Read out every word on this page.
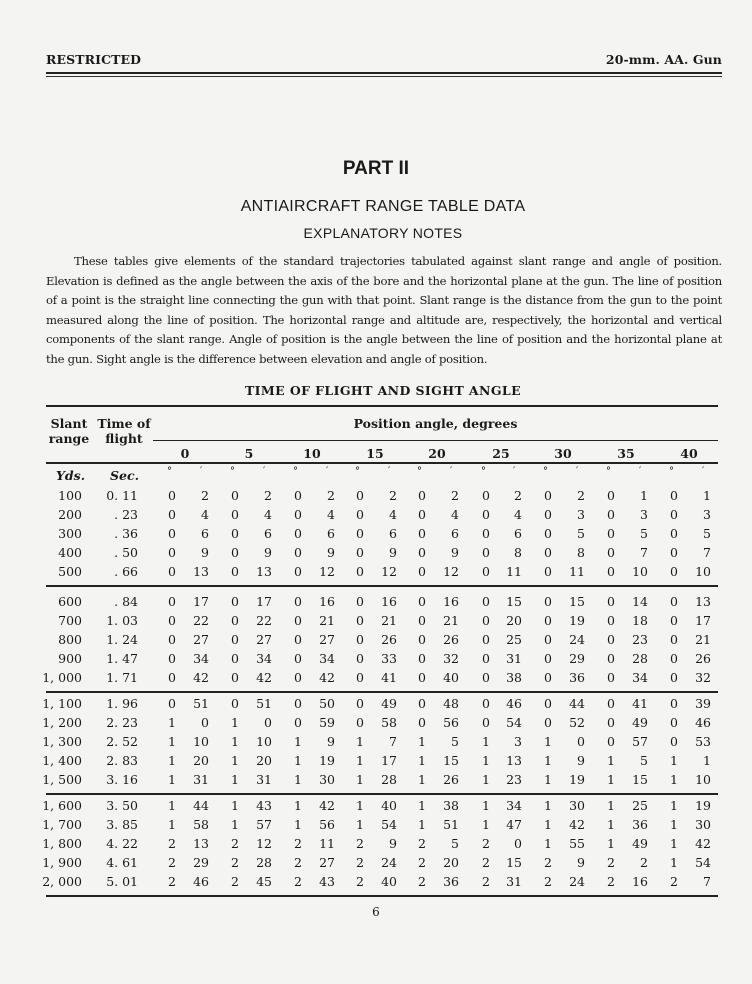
RESTRICTED	20-mm. AA. Gun
PART II
ANTIAIRCRAFT RANGE TABLE DATA
EXPLANATORY NOTES
These tables give elements of the standard trajectories tabulated against slant range and angle of position. Elevation is defined as the angle between the axis of the bore and the horizontal plane at the gun. The line of position of a point is the straight line connecting the gun with that point. Slant range is the distance from the gun to the point measured along the line of position. The horizontal range and altitude are, respectively, the horizontal and vertical components of the slant range. Angle of position is the angle between the line of position and the horizontal plane at the gun. Sight angle is the difference between elevation and angle of position.
TIME OF FLIGHT AND SIGHT ANGLE
Slant
range
Time of
flight
Position angle, degrees
0	5	10	15	20	25	30	35	40
Yds. Sec.	°	′	°	′	°	′	°	′	°	′	°	′	°	′	°	′	°	′
100	0. 11	0	2	0	2	0	2	0	2	0	2	0	2	0	2	0	1	0	1
200	. 23	0	4	0	4	0	4	0	4	0	4	0	4	0	3	0	3	0	3
300	. 36	0	6	0	6	0	6	0	6	0	6	0	6	0	5	0	5	0	5
400	. 50	0	9	0	9	0	9	0	9	0	9	0	8	0	8	0	7	0	7
500	. 66	0	13	0	13	0	12	0	12	0	12	0	11	0	11	0	10	0	10
600	. 84	0	17	0	17	0	16	0	16	0	16	0	15	0	15	0	14	0	13
700	1. 03	0	22	0	22	0	21	0	21	0	21	0	20	0	19	0	18	0	17
800	1. 24	0	27	0	27	0	27	0	26	0	26	0	25	0	24	0	23	0	21
900	1. 47	0	34	0	34	0	34	0	33	0	32	0	31	0	29	0	28	0	26
1, 000	1. 71	0	42	0	42	0	42	0	41	0	40	0	38	0	36	0	34	0	32
1, 100	1. 96	0	51	0	51	0	50	0	49	0	48	0	46	0	44	0	41	0	39
1, 200	2. 23	1	0	1	0	0	59	0	58	0	56	0	54	0	52	0	49	0	46
1, 300	2. 52	1	10	1	10	1	9	1	7	1	5	1	3	1	0	0	57	0	53
1, 400	2. 83	1	20	1	20	1	19	1	17	1	15	1	13	1	9	1	5	1	1
1, 500	3. 16	1	31	1	31	1	30	1	28	1	26	1	23	1	19	1	15	1	10
1, 600	3. 50	1	44	1	43	1	42	1	40	1	38	1	34	1	30	1	25	1	19
1, 700	3. 85	1	58	1	57	1	56	1	54	1	51	1	47	1	42	1	36	1	30
1, 800	4. 22	2	13	2	12	2	11	2	9	2	5	2	0	1	55	1	49	1	42
1, 900	4. 61	2	29	2	28	2	27	2	24	2	20	2	15	2	9	2	2	1	54
2, 000	5. 01	2	46	2	45	2	43	2	40	2	36	2	31	2	24	2	16	2	7
6
